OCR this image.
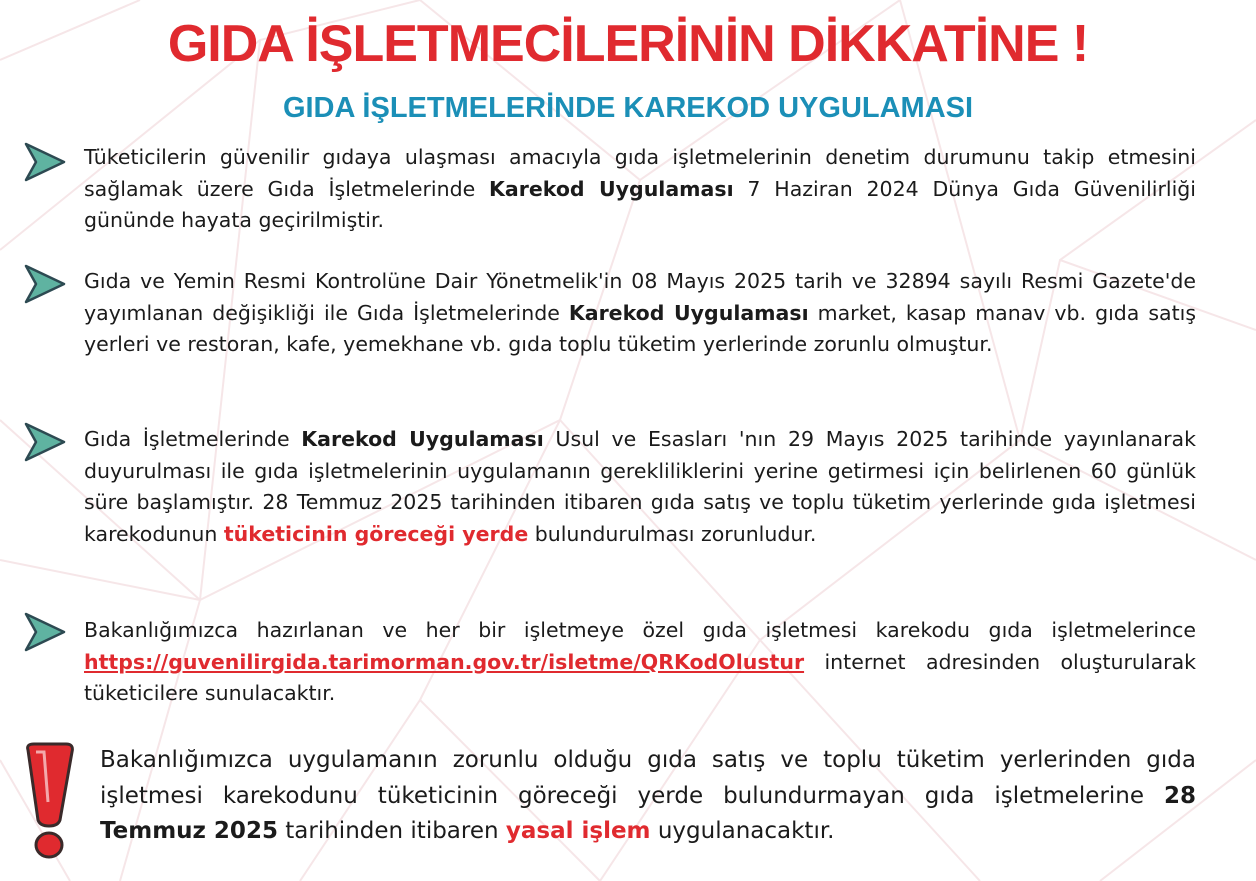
GIDA İŞLETMECİLERİNİN DİKKATİNE !
GIDA İŞLETMELERİNDE KAREKOD UYGULAMASI
Tüketicilerin güvenilir gıdaya ulaşması amacıyla gıda işletmelerinin denetim durumunu takip etmesini sağlamak üzere Gıda İşletmelerinde Karekod Uygulaması 7 Haziran 2024 Dünya Gıda Güvenilirliği gününde hayata geçirilmiştir.
Gıda ve Yemin Resmi Kontrolüne Dair Yönetmelik'in 08 Mayıs 2025 tarih ve 32894 sayılı Resmi Gazete'de yayımlanan değişikliği ile Gıda İşletmelerinde Karekod Uygulaması market, kasap manav vb. gıda satış yerleri ve restoran, kafe, yemekhane vb. gıda toplu tüketim yerlerinde zorunlu olmuştur.
Gıda İşletmelerinde Karekod Uygulaması Usul ve Esasları 'nın 29 Mayıs 2025 tarihinde yayınlanarak duyurulması ile gıda işletmelerinin uygulamanın gerekliliklerini yerine getirmesi için belirlenen 60 günlük süre başlamıştır. 28 Temmuz 2025 tarihinden itibaren gıda satış ve toplu tüketim yerlerinde gıda işletmesi karekodunun tüketicinin göreceği yerde bulundurulması zorunludur.
Bakanlığımızca hazırlanan ve her bir işletmeye özel gıda işletmesi karekodu gıda işletmelerince https://guvenilirgida.tarimorman.gov.tr/isletme/QRKodOlustur internet adresinden oluşturularak tüketicilere sunulacaktır.
Bakanlığımızca uygulamanın zorunlu olduğu gıda satış ve toplu tüketim yerlerinden gıda işletmesi karekodunu tüketicinin göreceği yerde bulundurmayan gıda işletmelerine 28 Temmuz 2025 tarihinden itibaren yasal işlem uygulanacaktır.
